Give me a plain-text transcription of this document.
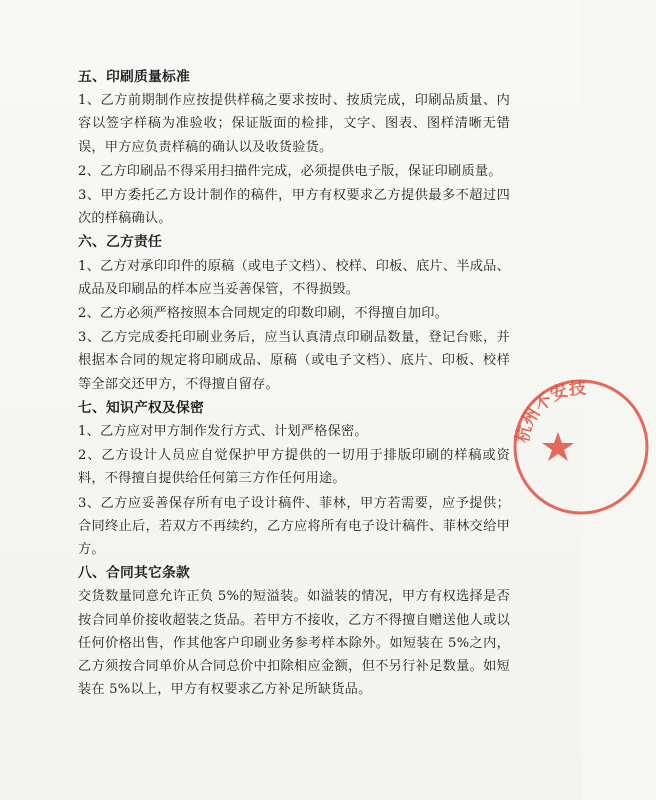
五、印刷质量标准

1、乙方前期制作应按提供样稿之要求按时、按质完成，印刷品质量、内容以签字样稿为准验收；保证版面的检排，文字、图表、图样清晰无错误，甲方应负责样稿的确认以及收货验货。

2、乙方印刷品不得采用扫描件完成，必须提供电子版，保证印刷质量。

3、甲方委托乙方设计制作的稿件，甲方有权要求乙方提供最多不超过四次的样稿确认。

六、乙方责任

1、乙方对承印印件的原稿（或电子文档）、校样、印板、底片、半成品、成品及印刷品的样本应当妥善保管，不得损毁。

2、乙方必须严格按照本合同规定的印数印刷，不得擅自加印。

3、乙方完成委托印刷业务后，应当认真清点印刷品数量，登记台账，并根据本合同的规定将印刷成品、原稿（或电子文档）、底片、印板、校样等全部交还甲方，不得擅自留存。

七、知识产权及保密

1、乙方应对甲方制作发行方式、计划严格保密。

2、乙方设计人员应自觉保护甲方提供的一切用于排版印刷的样稿或资料，不得擅自提供给任何第三方作任何用途。

3、乙方应妥善保存所有电子设计稿件、菲林，甲方若需要，应予提供；合同终止后，若双方不再续约，乙方应将所有电子设计稿件、菲林交给甲方。

八、合同其它条款

交货数量同意允许正负 5%的短溢装。如溢装的情况，甲方有权选择是否按合同单价接收超装之货品。若甲方不接收，乙方不得擅自赠送他人或以任何价格出售，作其他客户印刷业务参考样本除外。如短装在 5%之内，乙方须按合同单价从合同总价中扣除相应金额，但不另行补足数量。如短装在 5%以上，甲方有权要求乙方补足所缺货品。

杭州不安技
